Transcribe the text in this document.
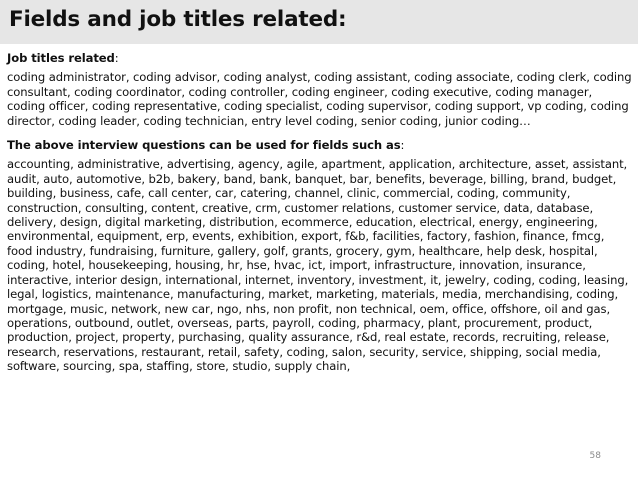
Fields and job titles related:
Job titles related:
coding administrator, coding advisor, coding analyst, coding assistant, coding associate, coding clerk, coding consultant, coding coordinator, coding controller, coding engineer, coding executive, coding manager, coding officer, coding representative, coding specialist, coding supervisor, coding support, vp coding, coding director, coding leader, coding technician, entry level coding, senior coding, junior coding…
The above interview questions can be used for fields such as:
accounting, administrative, advertising, agency, agile, apartment, application, architecture, asset, assistant, audit, auto, automotive, b2b, bakery, band, bank, banquet, bar, benefits, beverage, billing, brand, budget, building, business, cafe, call center, car, catering, channel, clinic, commercial, coding, community, construction, consulting, content, creative, crm, customer relations, customer service, data, database, delivery, design, digital marketing, distribution, ecommerce, education, electrical, energy, engineering, environmental, equipment, erp, events, exhibition, export, f&b, facilities, factory, fashion, finance, fmcg, food industry, fundraising, furniture, gallery, golf, grants, grocery, gym, healthcare, help desk, hospital, coding, hotel, housekeeping, housing, hr, hse, hvac, ict, import, infrastructure, innovation, insurance, interactive, interior design, international, internet, inventory, investment, it, jewelry, coding, coding, leasing, legal, logistics, maintenance, manufacturing, market, marketing, materials, media, merchandising, coding, mortgage, music, network, new car, ngo, nhs, non profit, non technical, oem, office, offshore, oil and gas, operations, outbound, outlet, overseas, parts, payroll, coding, pharmacy, plant, procurement, product, production, project, property, purchasing, quality assurance, r&d, real estate, records, recruiting, release, research, reservations, restaurant, retail, safety, coding, salon, security, service, shipping, social media, software, sourcing, spa, staffing, store, studio, supply chain,
58
